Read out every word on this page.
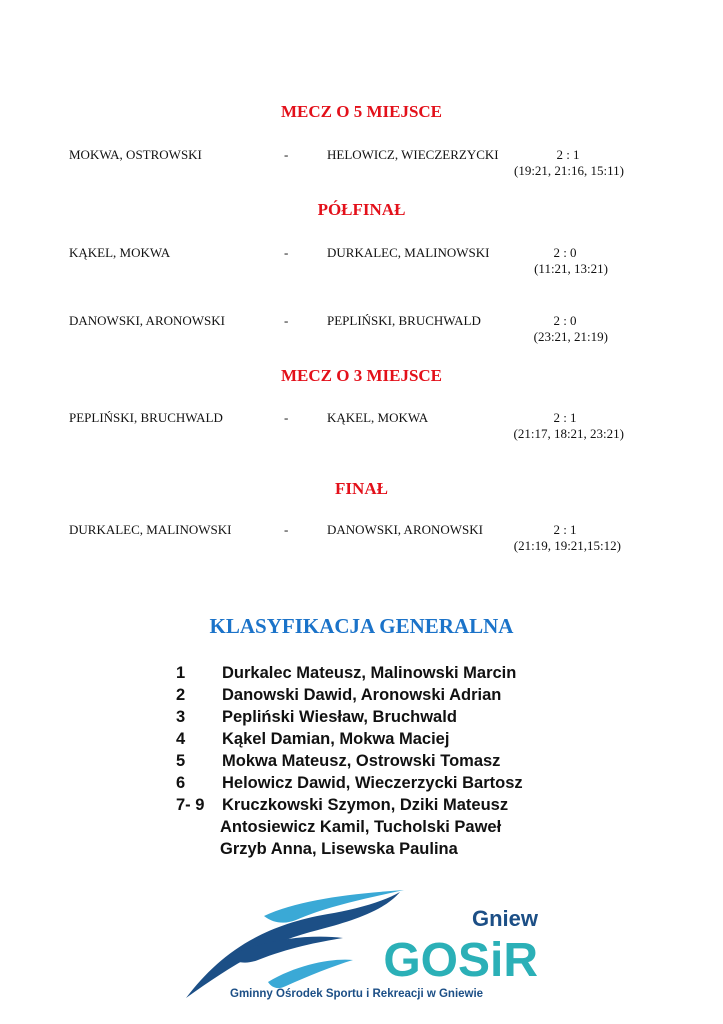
MECZ O 5 MIEJSCE
MOKWA, OSTROWSKI	-	HELOWICZ, WIECZERZYCKI	2 : 1
(19:21, 21:16, 15:11)
PÓŁFINAŁ
KĄKEL, MOKWA	-	DURKALEC, MALINOWSKI	2 : 0
(11:21, 13:21)
DANOWSKI, ARONOWSKI	-	PEPLIŃSKI, BRUCHWALD	2 : 0
(23:21, 21:19)
MECZ O 3 MIEJSCE
PEPLIŃSKI, BRUCHWALD	-	KĄKEL, MOKWA	2 : 1
(21:17, 18:21, 23:21)
FINAŁ
DURKALEC, MALINOWSKI	-	DANOWSKI, ARONOWSKI	2 : 1
(21:19, 19:21,15:12)
KLASYFIKACJA GENERALNA
1 Durkalec Mateusz, Malinowski Marcin
2 Danowski Dawid, Aronowski Adrian
3 Pepliński Wiesław, Bruchwald
4 Kąkel Damian, Mokwa Maciej
5 Mokwa Mateusz, Ostrowski Tomasz
6 Helowicz Dawid, Wieczerzycki Bartosz
7- 9 Kruczkowski Szymon, Dziki Mateusz
Antosiewicz Kamil, Tucholski Paweł
Grzyb Anna, Lisewska Paulina
Gniew
GOSiR
Gminny Ośrodek Sportu i Rekreacji w Gniewie
